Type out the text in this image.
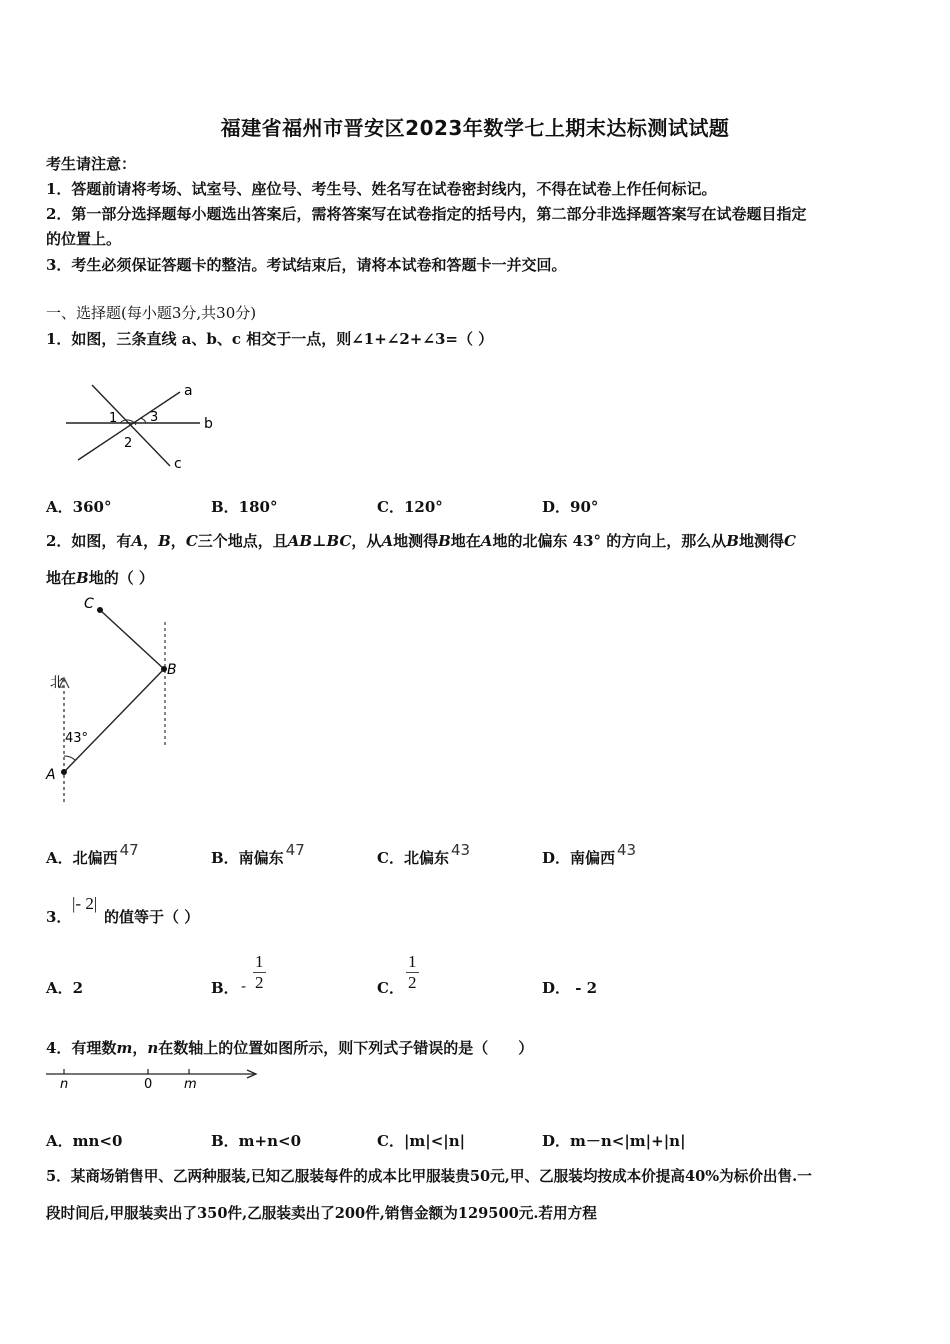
福建省福州市晋安区2023年数学七上期末达标测试试题
考生请注意：
1．答题前请将考场、试室号、座位号、考生号、姓名写在试卷密封线内，不得在试卷上作任何标记。
2．第一部分选择题每小题选出答案后，需将答案写在试卷指定的括号内，第二部分非选择题答案写在试卷题目指定
的位置上。
3．考生必须保证答题卡的整洁。考试结束后，请将本试卷和答题卡一并交回。
一、选择题(每小题3分,共30分)
1．如图，三条直线 a、b、c 相交于一点，则∠1+∠2+∠3=（ ）
a
b
c
1
2
3
A．360°	B．180°	C．120°	D．90°
2．如图，有A，B，C三个地点，且AB⊥BC，从A地测得B地在A地的北偏东 43° 的方向上，那么从B地测得C
地在B地的（ ）
北
43°
A
B
C
A．北偏西 47	B．南偏东 47	C．北偏东 43	D．南偏西 43
3．
|- 2|
的值等于（ ）
A．2	B． - $\frac{1}{2}$	C． $\frac{1}{2}$	D． - 2
4．有理数m，n在数轴上的位置如图所示，则下列式子错误的是（　　）
n	0 m
A．mn<0	B．m+n<0	C．|m|<|n|	D．m－n<|m|+|n|
5．某商场销售甲、乙两种服装,已知乙服装每件的成本比甲服装贵50元,甲、乙服装均按成本价提高40%为标价出售.一
段时间后,甲服装卖出了350件,乙服装卖出了200件,销售金额为129500元.若用方程
